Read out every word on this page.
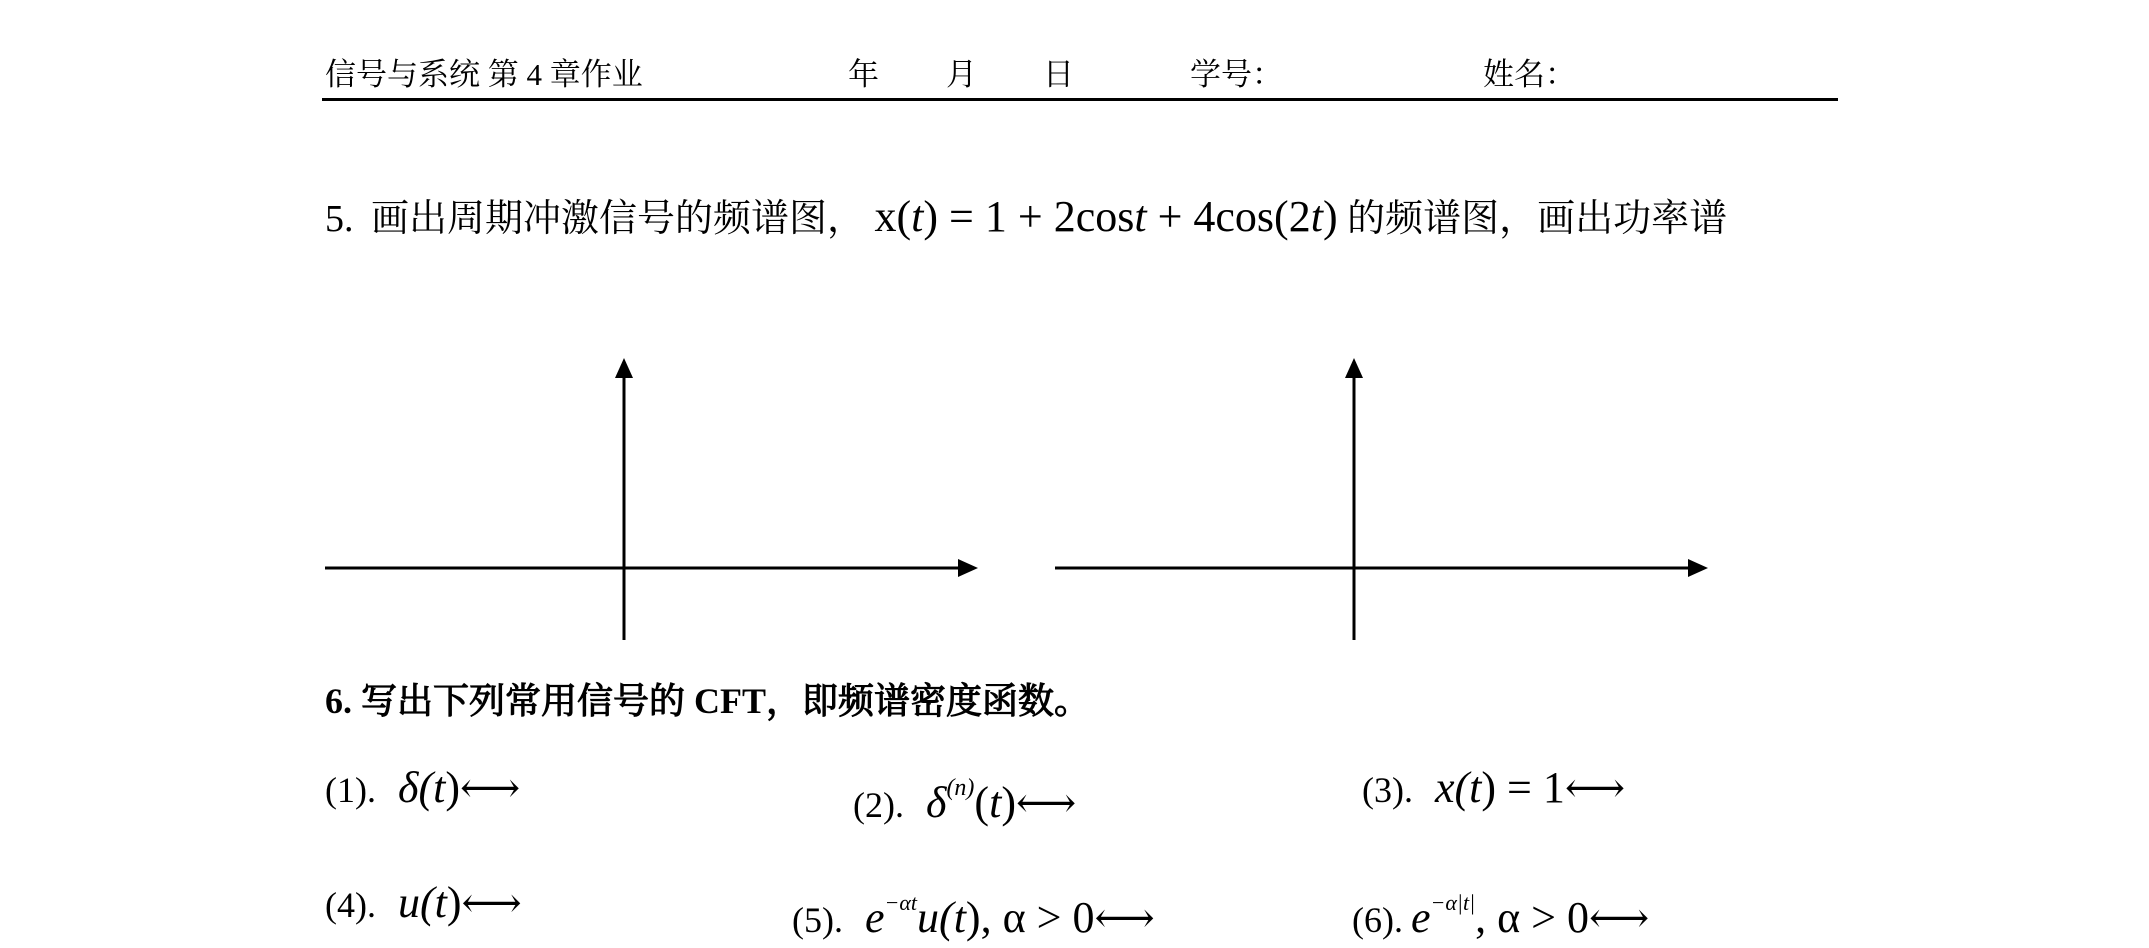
信号与系统 第 4 章作业	年 月 日	学号：	姓名：
5. 画出周期冲激信号的频谱图， x(t) = 1 + 2cost + 4cos(2t) 的频谱图，画出功率谱
6. 写出下列常用信号的 CFT，即频谱密度函数。
(1). δ(t)⟷	(2). $\delta^{(n)}(t)⟷$	(3). x(t) = 1⟷
(4). u(t)⟷	(5). $e^{-\alpha t}u(t)$, α > 0⟷	(6). $e^{-\alpha|t|}$, α > 0⟷
